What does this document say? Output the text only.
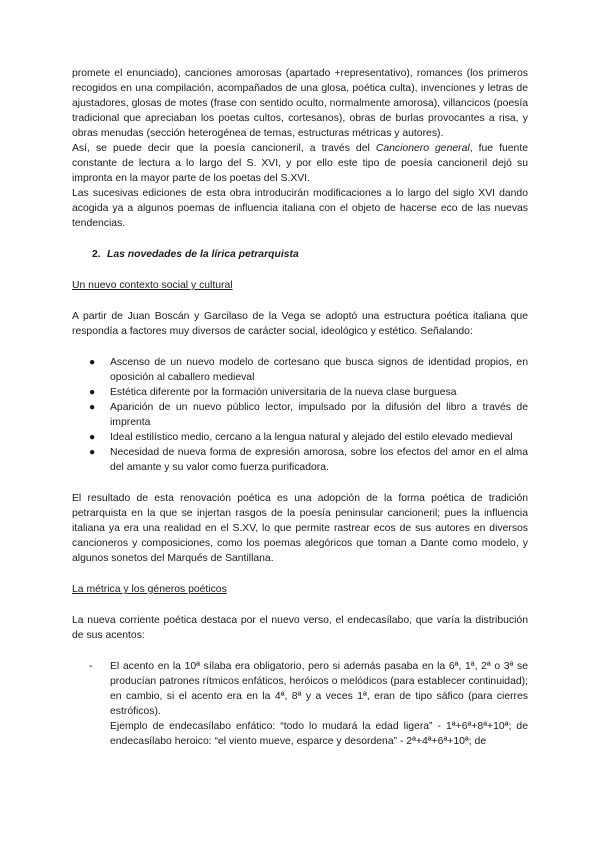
promete el enunciado), canciones amorosas (apartado +representativo), romances (los primeros recogidos en una compilación, acompañados de una glosa, poética culta), invenciones y letras de ajustadores, glosas de motes (frase con sentido oculto, normalmente amorosa), villancicos (poesía tradicional que apreciaban los poetas cultos, cortesanos), obras de burlas provocantes a risa, y obras menudas (sección heterogénea de temas, estructuras métricas y autores).

Así, se puede decir que la poesía cancioneril, a través del Cancionero general, fue fuente constante de lectura a lo largo del S. XVI, y por ello este tipo de poesía cancioneril dejó su impronta en la mayor parte de los poetas del S.XVI.

Las sucesivas ediciones de esta obra introducirán modificaciones a lo largo del siglo XVI dando acogida ya a algunos poemas de influencia italiana con el objeto de hacerse eco de las nuevas tendencias.

2. Las novedades de la lírica petrarquista

Un nuevo contexto social y cultural

A partir de Juan Boscán y Garcilaso de la Vega se adoptó una estructura poética italiana que respondía a factores muy diversos de carácter social, ideológico y estético. Señalando:

● Ascenso de un nuevo modelo de cortesano que busca signos de identidad propios, en oposición al caballero medieval
● Estética diferente por la formación universitaria de la nueva clase burguesa
● Aparición de un nuevo público lector, impulsado por la difusión del libro a través de imprenta
● Ideal estilístico medio, cercano a la lengua natural y alejado del estilo elevado medieval
● Necesidad de nueva forma de expresión amorosa, sobre los efectos del amor en el alma del amante y su valor como fuerza purificadora.

El resultado de esta renovación poética es una adopción de la forma poética de tradición petrarquista en la que se injertan rasgos de la poesía peninsular cancioneril; pues la influencia italiana ya era una realidad en el S.XV, lo que permite rastrear ecos de sus autores en diversos cancioneros y composiciones, como los poemas alegóricos que toman a Dante como modelo, y algunos sonetos del Marqués de Santillana.

La métrica y los géneros poéticos

La nueva corriente poética destaca por el nuevo verso, el endecasílabo, que varía la distribución de sus acentos:

- El acento en la 10ª sílaba era obligatorio, pero si además pasaba en la 6ª, 1ª, 2ª o 3ª se producían patrones rítmicos enfáticos, heróicos o melódicos (para establecer continuidad); en cambio, si el acento era en la 4ª, 8ª y a veces 1ª, eran de tipo sáfico (para cierres estróficos).
Ejemplo de endecasílabo enfático: “todo lo mudará la edad ligera” - 1ª+6ª+8ª+10ª; de endecasílabo heroico: “el viento mueve, esparce y desordena” - 2ª+4ª+6ª+10ª; de
